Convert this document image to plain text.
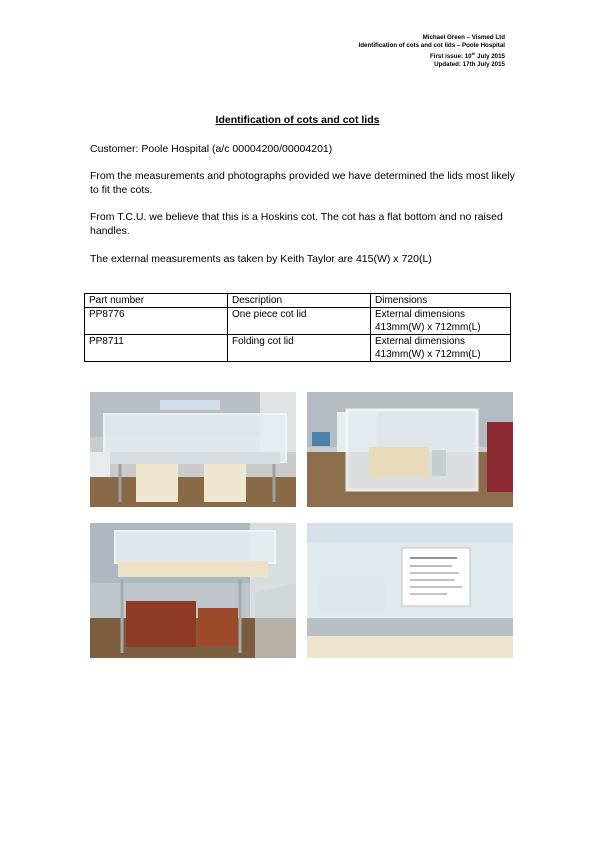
Michael Green – Vismed Ltd
Identification of cots and cot lids – Poole Hospital
First issue: 10th July 2015
Updated: 17th July 2015
Identification of cots and cot lids
Customer: Poole Hospital (a/c 00004200/00004201)
From the measurements and photographs provided we have determined the lids most likely to fit the cots.
From T.C.U. we believe that this is a Hoskins cot. The cot has a flat bottom and no raised handles.
The external measurements as taken by Keith Taylor are 415(W) x 720(L)
Part number	Description	Dimensions
PP8776	One piece cot lid	External dimensions
413mm(W) x 712mm(L)

PP8711	Folding cot lid	External dimensions
413mm(W) x 712mm(L)
